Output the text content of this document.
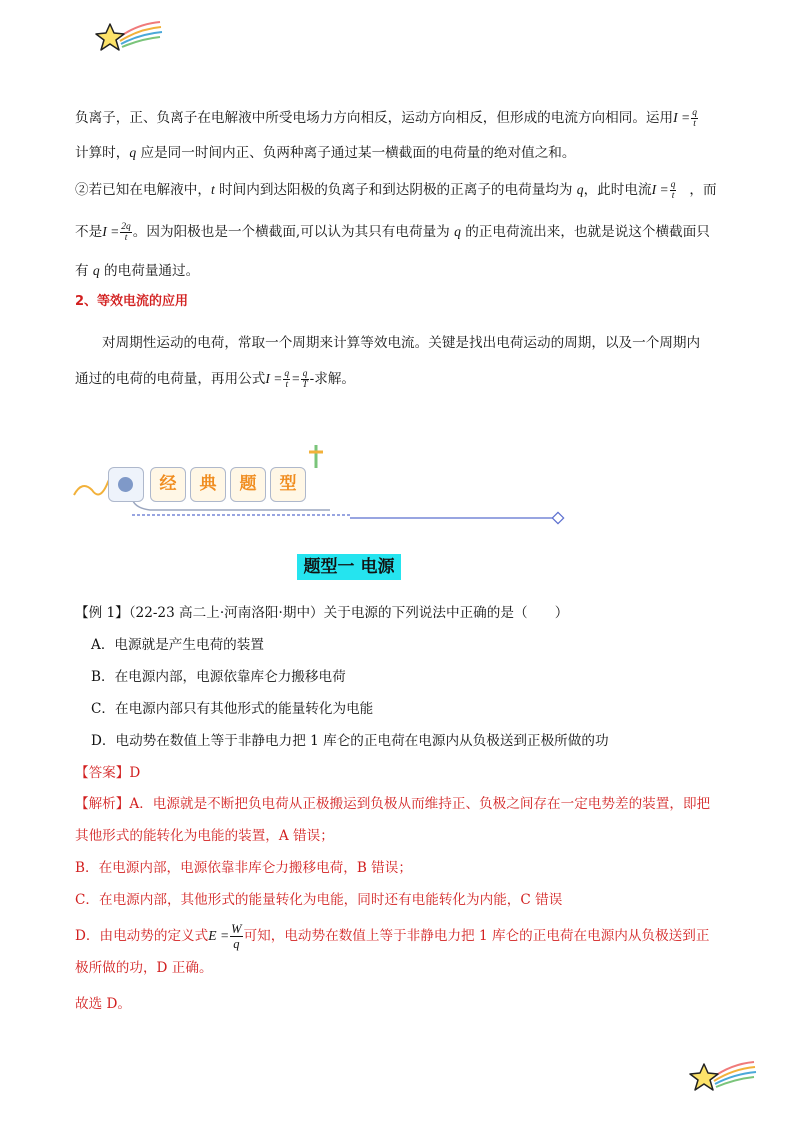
负离子，正、负离子在电解液中所受电场力方向相反，运动方向相反，但形成的电流方向相同。运用$I = \frac{q}{t}$
计算时，q 应是同一时间内正、负两种离子通过某一横截面的电荷量的绝对值之和。
②若已知在电解液中，t 时间内到达阳极的负离子和到达阴极的正离子的电荷量均为 q，此时电流$I = \frac{q}{t}$ ，而
不是$I = \frac{2q}{t}$ 。因为阳极也是一个横截面,可以认为其只有电荷量为 q 的正电荷流出来，也就是说这个横截面只
有 q 的电荷量通过。
2、等效电流的应用
对周期性运动的电荷，常取一个周期来计算等效电流。关键是找出电荷运动的周期，以及一个周期内
通过的电荷的电荷量，再用公式$I = \frac{q}{t} = \frac{q}{T}$ -求解。
经	典	题	型
题型一 电源
【例 1】（22-23 高二上·河南洛阳·期中）关于电源的下列说法中正确的是（　　）
A．电源就是产生电荷的装置
B．在电源内部，电源依靠库仑力搬移电荷
C．在电源内部只有其他形式的能量转化为电能
D．电动势在数值上等于非静电力把 1 库仑的正电荷在电源内从负极送到正极所做的功
【答案】D
【解析】A．电源就是不断把负电荷从正极搬运到负极从而维持正、负极之间存在一定电势差的装置，即把
其他形式的能转化为电能的装置，A 错误；
B．在电源内部，电源依靠非库仑力搬移电荷，B 错误；
C．在电源内部，其他形式的能量转化为电能，同时还有电能转化为内能，C 错误
D．由电动势的定义式$E = \frac{W}{q}$ 可知，电动势在数值上等于非静电力把 1 库仑的正电荷在电源内从负极送到正
极所做的功，D 正确。
故选 D。
